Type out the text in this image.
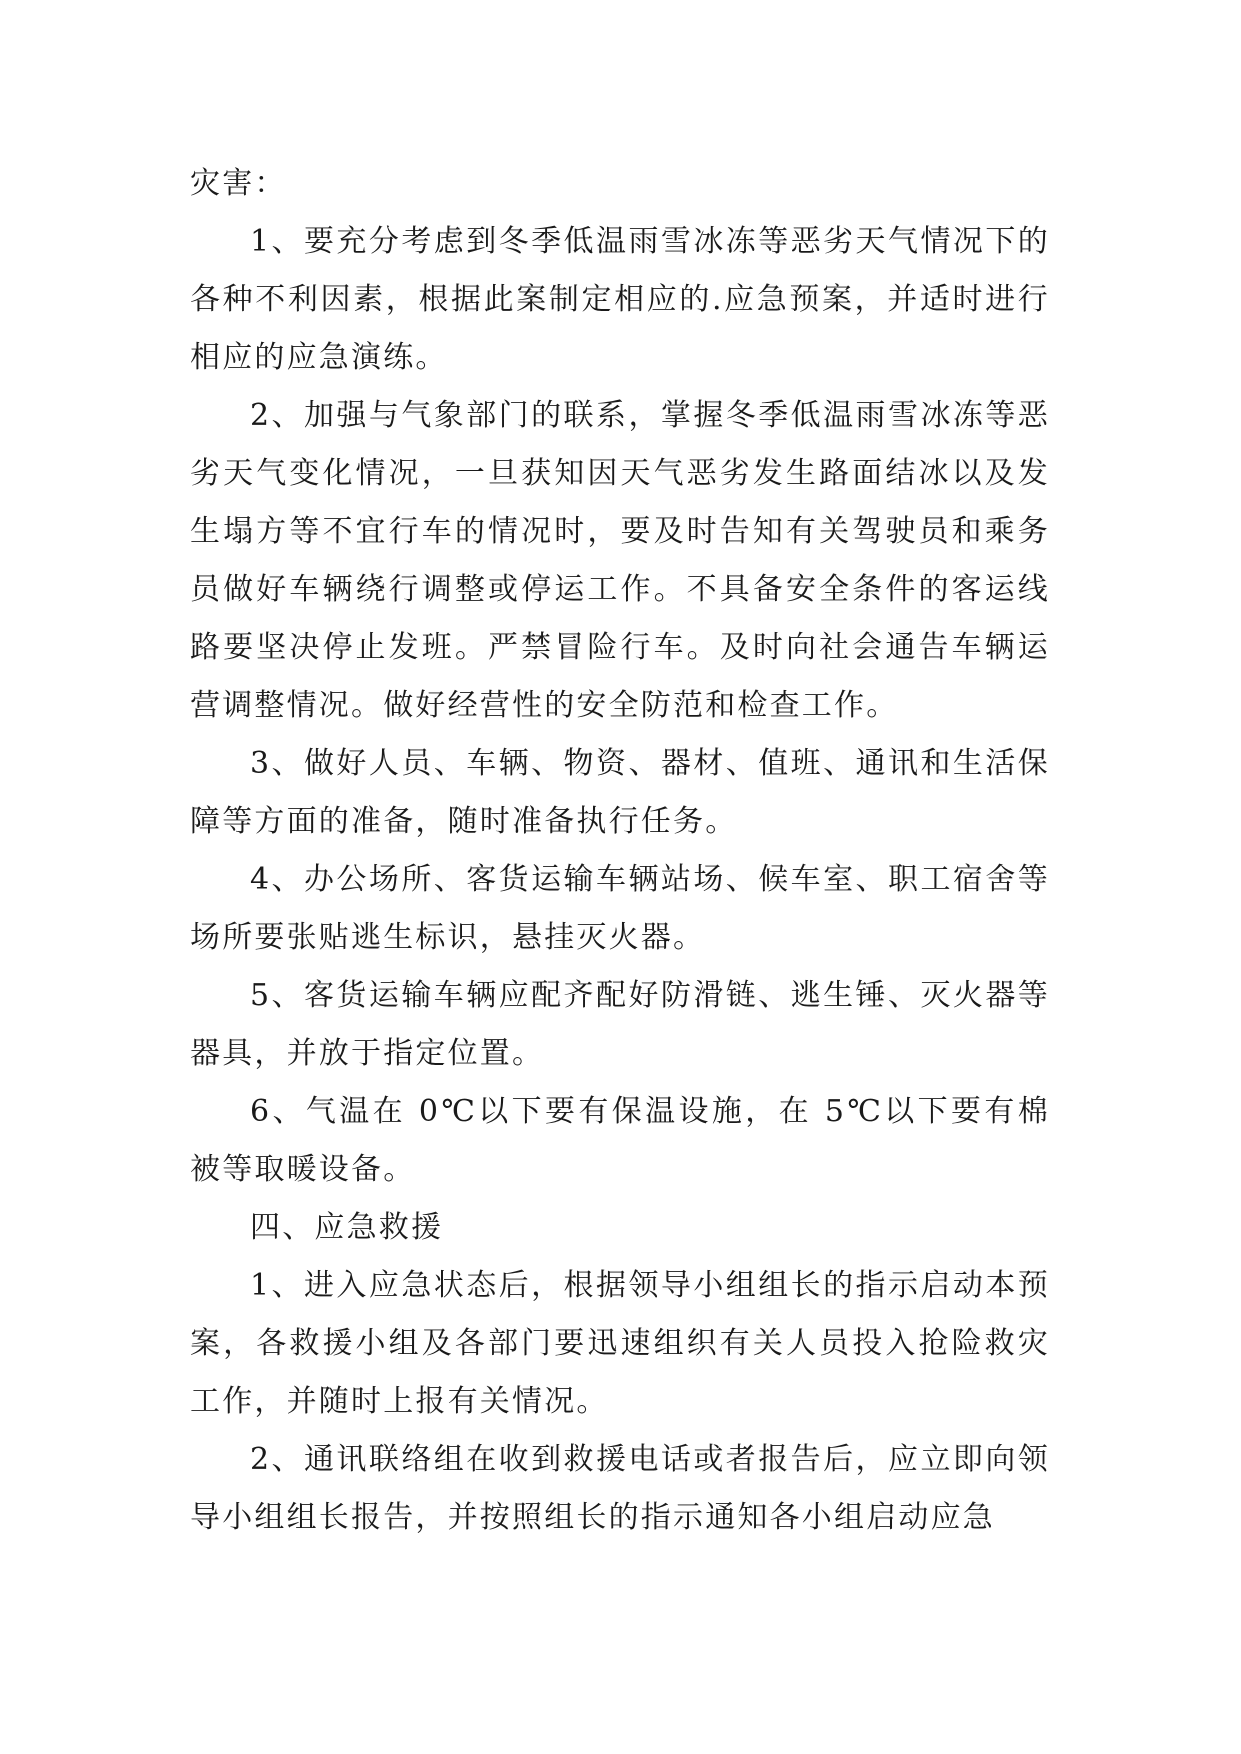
灾害：

1、要充分考虑到冬季低温雨雪冰冻等恶劣天气情况下的各种不利因素，根据此案制定相应的.应急预案，并适时进行相应的应急演练。

2、加强与气象部门的联系，掌握冬季低温雨雪冰冻等恶劣天气变化情况，一旦获知因天气恶劣发生路面结冰以及发生塌方等不宜行车的情况时，要及时告知有关驾驶员和乘务员做好车辆绕行调整或停运工作。不具备安全条件的客运线路要坚决停止发班。严禁冒险行车。及时向社会通告车辆运营调整情况。做好经营性的安全防范和检查工作。

3、做好人员、车辆、物资、器材、值班、通讯和生活保障等方面的准备，随时准备执行任务。

4、办公场所、客货运输车辆站场、候车室、职工宿舍等场所要张贴逃生标识，悬挂灭火器。

5、客货运输车辆应配齐配好防滑链、逃生锤、灭火器等器具，并放于指定位置。

6、气温在 0℃以下要有保温设施，在 5℃以下要有棉被等取暖设备。

四、应急救援

1、进入应急状态后，根据领导小组组长的指示启动本预案，各救援小组及各部门要迅速组织有关人员投入抢险救灾工作，并随时上报有关情况。

2、通讯联络组在收到救援电话或者报告后，应立即向领导小组组长报告，并按照组长的指示通知各小组启动应急
